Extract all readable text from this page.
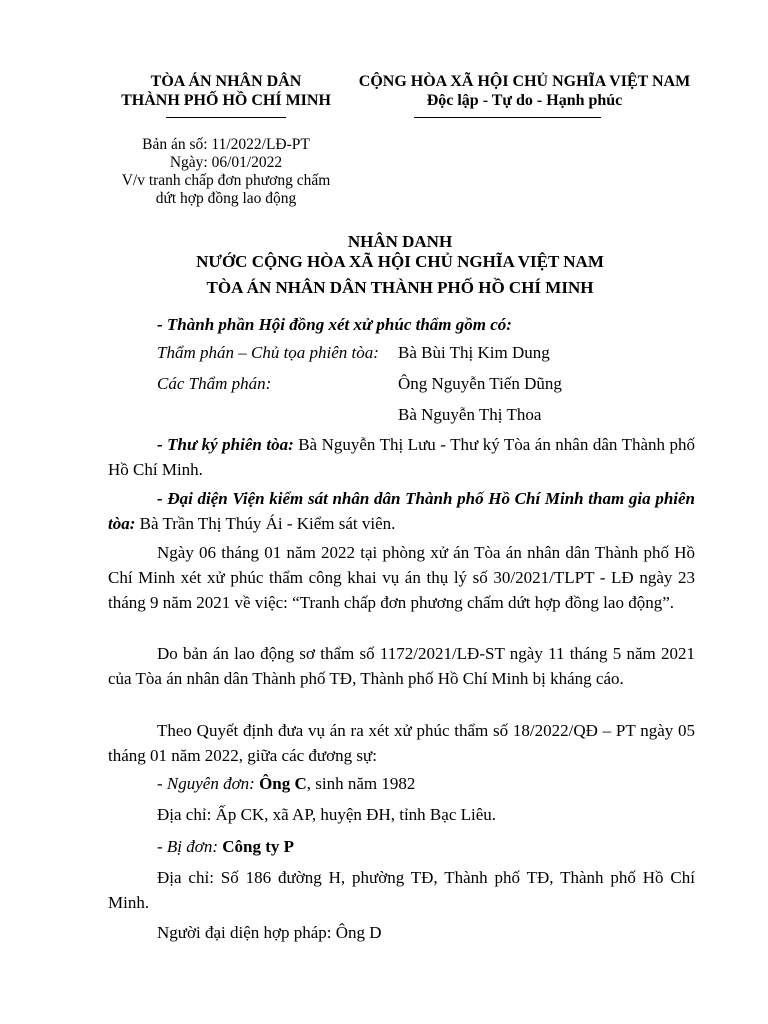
TÒA ÁN NHÂN DÂN
THÀNH PHỐ HỒ CHÍ MINH
CỘNG HÒA XÃ HỘI CHỦ NGHĨA VIỆT NAM
Độc lập - Tự do - Hạnh phúc
Bản án số: 11/2022/LĐ-PT
Ngày: 06/01/2022
V/v tranh chấp đơn phương chấm
dứt hợp đồng lao động
NHÂN DANH
NƯỚC CỘNG HÒA XÃ HỘI CHỦ NGHĨA VIỆT NAM
TÒA ÁN NHÂN DÂN THÀNH PHỐ HỒ CHÍ MINH
- Thành phần Hội đồng xét xử phúc thẩm gồm có:
Thẩm phán – Chủ tọa phiên tòa: Bà Bùi Thị Kim Dung
Các Thẩm phán:	Ông Nguyễn Tiến Dũng
Bà Nguyễn Thị Thoa
- Thư ký phiên tòa: Bà Nguyễn Thị Lưu - Thư ký Tòa án nhân dân Thành phố Hồ Chí Minh.
- Đại diện Viện kiểm sát nhân dân Thành phố Hồ Chí Minh tham gia phiên tòa: Bà Trần Thị Thúy Ái - Kiểm sát viên.
Ngày 06 tháng 01 năm 2022 tại phòng xử án Tòa án nhân dân Thành phố Hồ Chí Minh xét xử phúc thẩm công khai vụ án thụ lý số 30/2021/TLPT - LĐ ngày 23 tháng 9 năm 2021 về việc: “Tranh chấp đơn phương chấm dứt hợp đồng lao động”.
Do bản án lao động sơ thẩm số 1172/2021/LĐ-ST ngày 11 tháng 5 năm 2021 của Tòa án nhân dân Thành phố TĐ, Thành phố Hồ Chí Minh bị kháng cáo.
Theo Quyết định đưa vụ án ra xét xử phúc thẩm số 18/2022/QĐ – PT ngày 05 tháng 01 năm 2022, giữa các đương sự:
- Nguyên đơn: Ông C, sinh năm 1982
Địa chỉ: Ấp CK, xã AP, huyện ĐH, tỉnh Bạc Liêu.
- Bị đơn: Công ty P
Địa chỉ: Số 186 đường H, phường TĐ, Thành phố TĐ, Thành phố Hồ Chí Minh.
Người đại diện hợp pháp: Ông D
